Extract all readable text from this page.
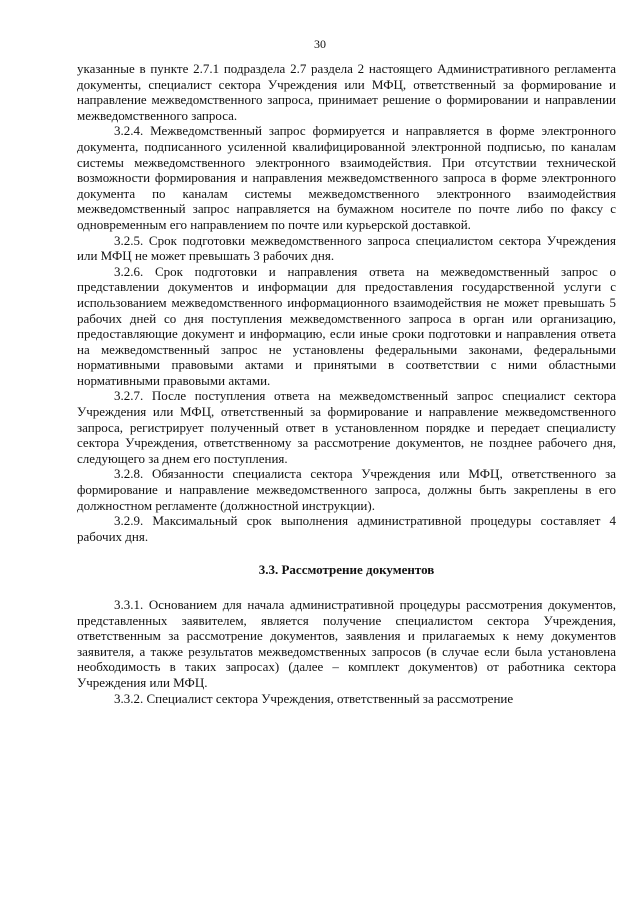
30

указанные в пункте 2.7.1 подраздела 2.7 раздела 2 настоящего Административного регламента документы, специалист сектора Учреждения или МФЦ, ответственный за формирование и направление межведомственного запроса, принимает решение о формировании и направлении межведомственного запроса.

3.2.4. Межведомственный запрос формируется и направляется в форме электронного документа, подписанного усиленной квалифицированной электронной подписью, по каналам системы межведомственного электронного взаимодействия. При отсутствии технической возможности формирования и направления межведомственного запроса в форме электронного документа по каналам системы межведомственного электронного взаимодействия межведомственный запрос направляется на бумажном носителе по почте либо по факсу с одновременным его направлением по почте или курьерской доставкой.

3.2.5. Срок подготовки межведомственного запроса специалистом сектора Учреждения или МФЦ не может превышать 3 рабочих дня.

3.2.6. Срок подготовки и направления ответа на межведомственный запрос о представлении документов и информации для предоставления государственной услуги с использованием межведомственного информационного взаимодействия не может превышать 5 рабочих дней со дня поступления межведомственного запроса в орган или организацию, предоставляющие документ и информацию, если иные сроки подготовки и направления ответа на межведомственный запрос не установлены федеральными законами, федеральными нормативными правовыми актами и принятыми в соответствии с ними областными нормативными правовыми актами.

3.2.7. После поступления ответа на межведомственный запрос специалист сектора Учреждения или МФЦ, ответственный за формирование и направление межведомственного запроса, регистрирует полученный ответ в установленном порядке и передает специалисту сектора Учреждения, ответственному за рассмотрение документов, не позднее рабочего дня, следующего за днем его поступления.

3.2.8. Обязанности специалиста сектора Учреждения или МФЦ, ответственного за формирование и направление межведомственного запроса, должны быть закреплены в его должностном регламенте (должностной инструкции).

3.2.9. Максимальный срок выполнения административной процедуры составляет 4 рабочих дня.

3.3. Рассмотрение документов

3.3.1. Основанием для начала административной процедуры рассмотрения документов, представленных заявителем, является получение специалистом сектора Учреждения, ответственным за рассмотрение документов, заявления и прилагаемых к нему документов заявителя, а также результатов межведомственных запросов (в случае если была установлена необходимость в таких запросах) (далее – комплект документов) от работника сектора Учреждения или МФЦ.

3.3.2. Специалист сектора Учреждения, ответственный за рассмотрение
